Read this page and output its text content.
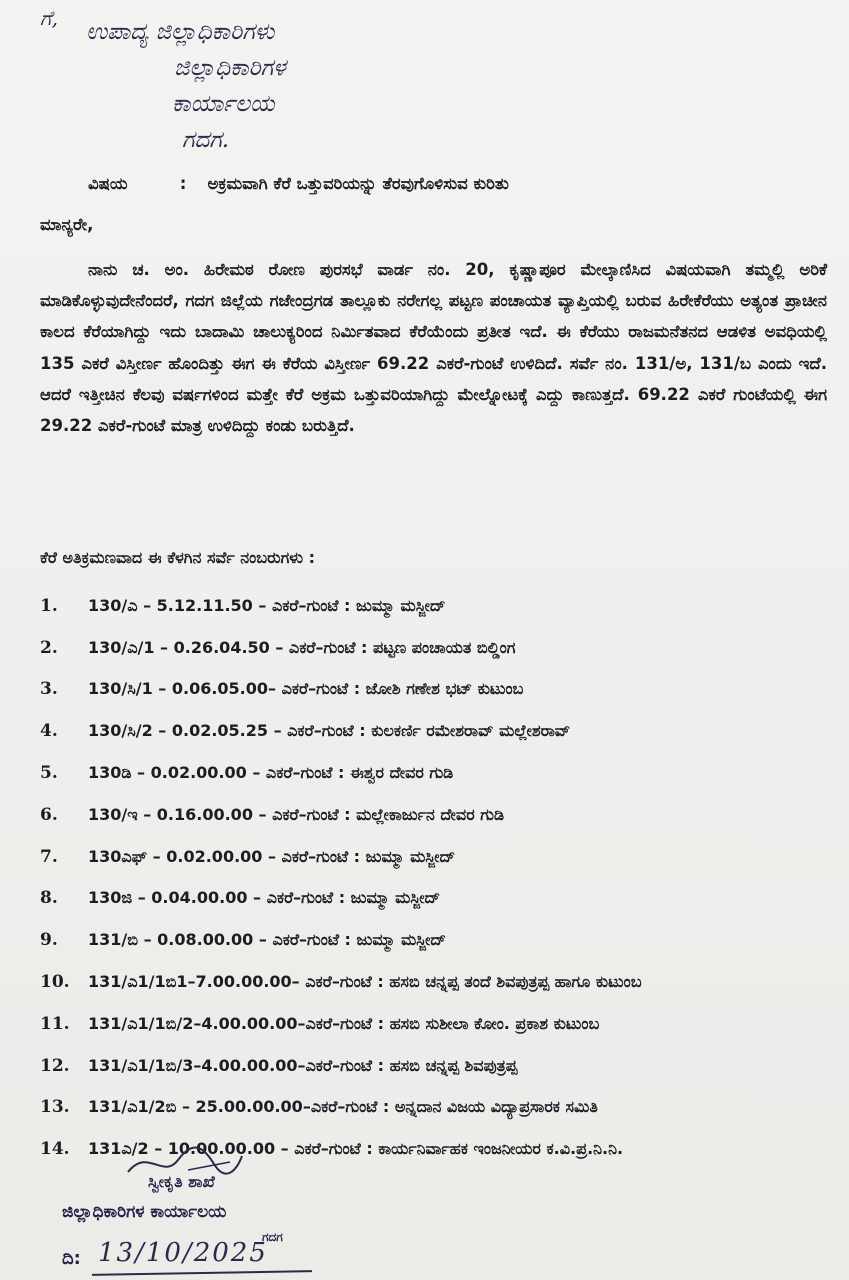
ಗೆ,
ಉಪಾದ್ಯ ಜಿಲ್ಲಾಧಿಕಾರಿಗಳು
ಜಿಲ್ಲಾಧಿಕಾರಿಗಳ
ಕಾರ್ಯಾಲಯ
ಗದಗ.
ವಿಷಯ	: ಅಕ್ರಮವಾಗಿ ಕೆರೆ ಒತ್ತುವರಿಯನ್ನು ತೆರವುಗೊಳಿಸುವ ಕುರಿತು
ಮಾನ್ಯರೇ,
ನಾನು ಚ. ಅಂ. ಹಿರೇಮಠ ರೋಣ ಪುರಸಭೆ ವಾರ್ಡ ನಂ. 20, ಕೃಷ್ಣಾಪೂರ ಮೇಲ್ಕಾಣಿಸಿದ ವಿಷಯವಾಗಿ ತಮ್ಮಲ್ಲಿ ಅರಿಕೆ ಮಾಡಿಕೊಳ್ಳುವುದೇನೆಂದರೆ, ಗದಗ ಜಿಲ್ಲೆಯ ಗಜೇಂದ್ರಗಡ ತಾಲ್ಲೂಕು ನರೇಗಲ್ಲ ಪಟ್ಟಣ ಪಂಚಾಯತ ವ್ಯಾಪ್ತಿಯಲ್ಲಿ ಬರುವ ಹಿರೇಕೆರೆಯು ಅತ್ಯಂತ ಪ್ರಾಚೀನ ಕಾಲದ ಕೆರೆಯಾಗಿದ್ದು ಇದು ಬಾದಾಮಿ ಚಾಲುಕ್ಯರಿಂದ ನಿರ್ಮಿತವಾದ ಕೆರೆಯೆಂದು ಪ್ರತೀತ ಇದೆ. ಈ ಕೆರೆಯು ರಾಜಮನೆತನದ ಆಡಳಿತ ಅವಧಿಯಲ್ಲಿ 135 ಎಕರೆ ವಿಸ್ತೀರ್ಣ ಹೊಂದಿತ್ತು ಈಗ ಈ ಕೆರೆಯ ವಿಸ್ತೀರ್ಣ 69.22 ಎಕರೆ-ಗುಂಟೆ ಉಳಿದಿದೆ. ಸರ್ವೆ ನಂ. 131/ಅ, 131/ಬ ಎಂದು ಇದೆ. ಆದರೆ ಇತ್ತೀಚಿನ ಕೆಲವು ವರ್ಷಗಳಿಂದ ಮತ್ತೇ ಕೆರೆ ಅಕ್ರಮ ಒತ್ತುವರಿಯಾಗಿದ್ದು ಮೇಲ್ನೋಟಕ್ಕೆ ಎದ್ದು ಕಾಣುತ್ತದೆ. 69.22 ಎಕರೆ ಗುಂಟೆಯಲ್ಲಿ ಈಗ 29.22 ಎಕರೆ-ಗುಂಟೆ ಮಾತ್ರ ಉಳಿದಿದ್ದು ಕಂಡು ಬರುತ್ತಿದೆ.
ಕೆರೆ ಅತಿಕ್ರಮಣವಾದ ಈ ಕೆಳಗಿನ ಸರ್ವೆ ನಂಬರುಗಳು :
1.	130/ಎ – 5.12.11.50 – ಎಕರೆ–ಗುಂಟೆ : ಜುಮ್ಮಾ ಮಸ್ಜೀದ್
2.	130/ಎ/1 – 0.26.04.50 – ಎಕರೆ–ಗುಂಟೆ : ಪಟ್ಟಣ ಪಂಚಾಯತ ಬಿಲ್ಡಿಂಗ
3.	130/ಸಿ/1 – 0.06.05.00– ಎಕರೆ–ಗುಂಟೆ : ಜೋಶಿ ಗಣೇಶ ಭಟ್ ಕುಟುಂಬ
4.	130/ಸಿ/2 – 0.02.05.25 – ಎಕರೆ–ಗುಂಟೆ : ಕುಲಕರ್ಣಿ ರಮೇಶರಾವ್ ಮಲ್ಲೇಶರಾವ್
5.	130ಡಿ – 0.02.00.00 – ಎಕರೆ–ಗುಂಟೆ : ಈಶ್ವರ ದೇವರ ಗುಡಿ
6.	130/ಇ – 0.16.00.00 – ಎಕರೆ–ಗುಂಟೆ : ಮಲ್ಲೇಕಾರ್ಜುನ ದೇವರ ಗುಡಿ
7.	130ಎಫ್ – 0.02.00.00 – ಎಕರೆ–ಗುಂಟೆ : ಜುಮ್ಮಾ ಮಸ್ಜೀದ್
8.	130ಜಿ – 0.04.00.00 – ಎಕರೆ–ಗುಂಟೆ : ಜುಮ್ಮಾ ಮಸ್ಜೀದ್
9.	131/ಬಿ – 0.08.00.00 – ಎಕರೆ–ಗುಂಟೆ : ಜುಮ್ಮಾ ಮಸ್ಜೀದ್
10.	131/ಎ1/1ಬಿ1–7.00.00.00– ಎಕರೆ–ಗುಂಟೆ : ಹಸಬಿ ಚನ್ನಪ್ಪ ತಂದೆ ಶಿವಪುತ್ರಪ್ಪ ಹಾಗೂ ಕುಟುಂಬ
11.	131/ಎ1/1ಬಿ/2–4.00.00.00–ಎಕರೆ–ಗುಂಟೆ : ಹಸಬಿ ಸುಶೀಲಾ ಕೋಂ. ಪ್ರಕಾಶ ಕುಟುಂಬ
12.	131/ಎ1/1ಬಿ/3–4.00.00.00–ಎಕರೆ–ಗುಂಟೆ : ಹಸಬಿ ಚನ್ನಪ್ಪ ಶಿವಪುತ್ರಪ್ಪ
13.	131/ಎ1/2ಬಿ – 25.00.00.00–ಎಕರೆ–ಗುಂಟೆ : ಅನ್ನದಾನ ವಿಜಯ ವಿದ್ಯಾಪ್ರಸಾರಕ ಸಮಿತಿ
14.	131ಎ/2 – 10.00.00.00 – ಎಕರೆ–ಗುಂಟೆ : ಕಾರ್ಯನಿರ್ವಾಹಕ ಇಂಜನೀಯರ ಕ.ವಿ.ಪ್ರ.ನಿ.ನಿ.
ಸ್ವೀಕೃತಿ ಶಾಖೆ
ಜಿಲ್ಲಾಧಿಕಾರಿಗಳ ಕಾರ್ಯಾಲಯ
ಗದಗ
ದಿ: 13/10/2025
